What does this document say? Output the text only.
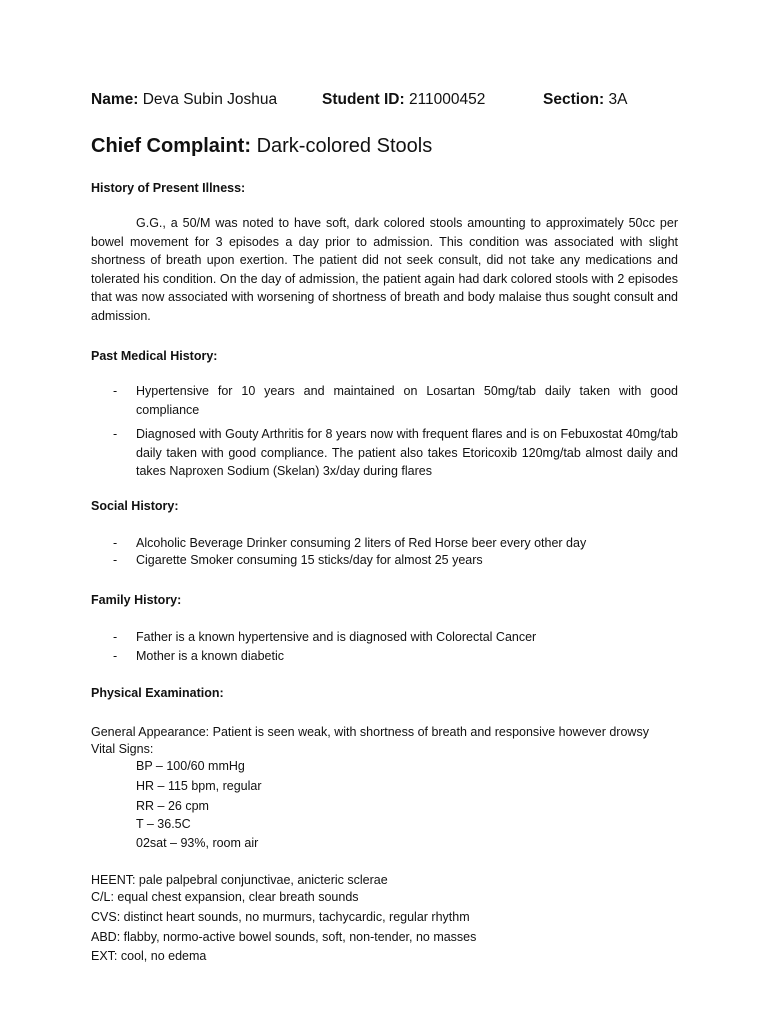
Name: Deva Subin Joshua	Student ID: 211000452	Section: 3A
Chief Complaint: Dark-colored Stools
History of Present Illness:
G.G., a 50/M was noted to have soft, dark colored stools amounting to approximately 50cc per bowel movement for 3 episodes a day prior to admission. This condition was associated with slight shortness of breath upon exertion. The patient did not seek consult, did not take any medications and tolerated his condition. On the day of admission, the patient again had dark colored stools with 2 episodes that was now associated with worsening of shortness of breath and body malaise thus sought consult and admission.
Past Medical History:
-	Hypertensive for 10 years and maintained on Losartan 50mg/tab daily taken with good compliance
-	Diagnosed with Gouty Arthritis for 8 years now with frequent flares and is on Febuxostat 40mg/tab daily taken with good compliance. The patient also takes Etoricoxib 120mg/tab almost daily and takes Naproxen Sodium (Skelan) 3x/day during flares
Social History:
-	Alcoholic Beverage Drinker consuming 2 liters of Red Horse beer every other day
-	Cigarette Smoker consuming 15 sticks/day for almost 25 years
Family History:
-	Father is a known hypertensive and is diagnosed with Colorectal Cancer
-	Mother is a known diabetic
Physical Examination:
General Appearance: Patient is seen weak, with shortness of breath and responsive however drowsy
Vital Signs:
BP – 100/60 mmHg
HR – 115 bpm, regular
RR – 26 cpm
T – 36.5C
02sat – 93%, room air
HEENT: pale palpebral conjunctivae, anicteric sclerae
C/L: equal chest expansion, clear breath sounds
CVS: distinct heart sounds, no murmurs, tachycardic, regular rhythm
ABD: flabby, normo-active bowel sounds, soft, non-tender, no masses
EXT: cool, no edema
